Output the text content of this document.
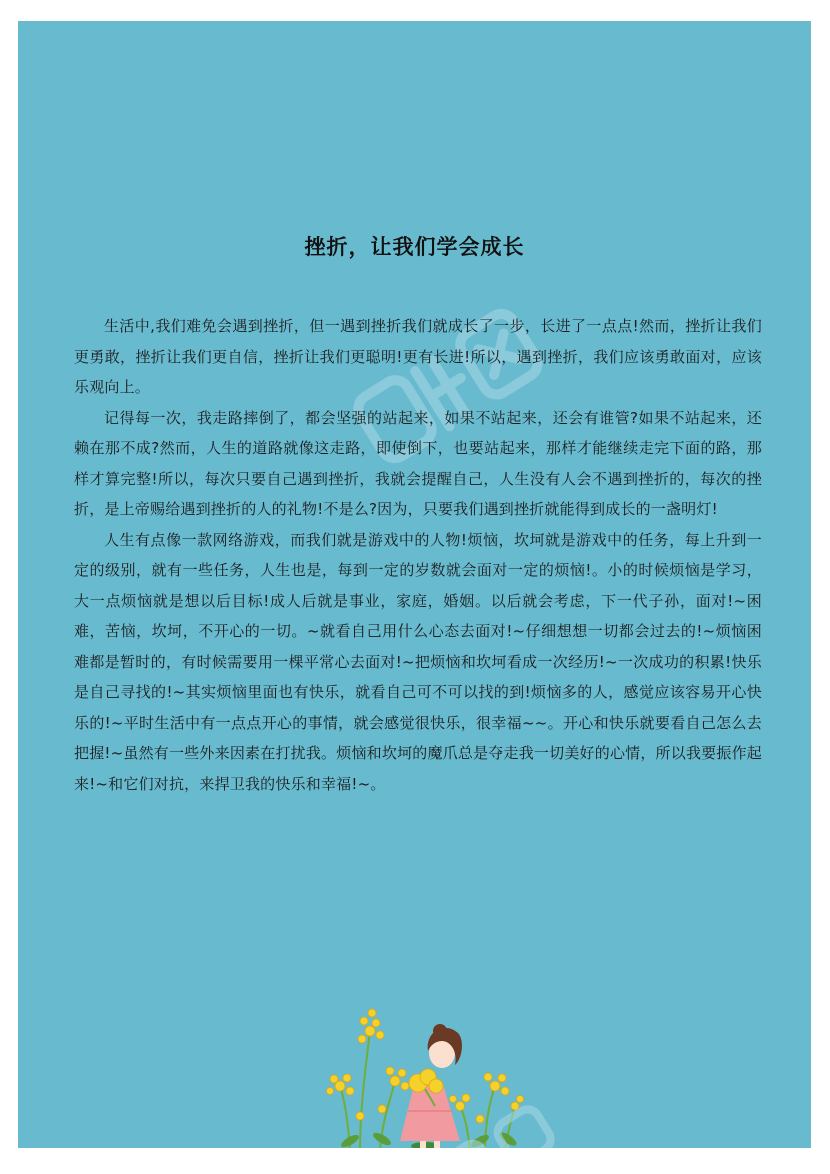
挫折，让我们学会成长

生活中,我们难免会遇到挫折，但一遇到挫折我们就成长了一步，长进了一点点!然而，挫折让我们更勇敢，挫折让我们更自信，挫折让我们更聪明!更有长进!所以，遇到挫折，我们应该勇敢面对，应该乐观向上。

记得每一次，我走路摔倒了，都会坚强的站起来，如果不站起来，还会有谁管?如果不站起来，还赖在那不成?然而，人生的道路就像这走路，即使倒下，也要站起来，那样才能继续走完下面的路，那样才算完整!所以，每次只要自己遇到挫折，我就会提醒自己，人生没有人会不遇到挫折的，每次的挫折，是上帝赐给遇到挫折的人的礼物!不是么?因为，只要我们遇到挫折就能得到成长的一盏明灯!

人生有点像一款网络游戏，而我们就是游戏中的人物!烦恼，坎坷就是游戏中的任务，每上升到一定的级别，就有一些任务，人生也是，每到一定的岁数就会面对一定的烦恼!。小的时候烦恼是学习，大一点烦恼就是想以后目标!成人后就是事业，家庭，婚姻。以后就会考虑，下一代子孙，面对!~困难，苦恼，坎坷，不开心的一切。~就看自己用什么心态去面对!~仔细想想一切都会过去的!~烦恼困难都是暂时的，有时候需要用一棵平常心去面对!~把烦恼和坎坷看成一次经历!~一次成功的积累!快乐是自己寻找的!~其实烦恼里面也有快乐，就看自己可不可以找的到!烦恼多的人，感觉应该容易开心快乐的!~平时生活中有一点点开心的事情，就会感觉很快乐，很幸福~~。开心和快乐就要看自己怎么去把握!~虽然有一些外来因素在打扰我。烦恼和坎坷的魔爪总是夺走我一切美好的心情，所以我要振作起来!~和它们对抗，来捍卫我的快乐和幸福!~。
